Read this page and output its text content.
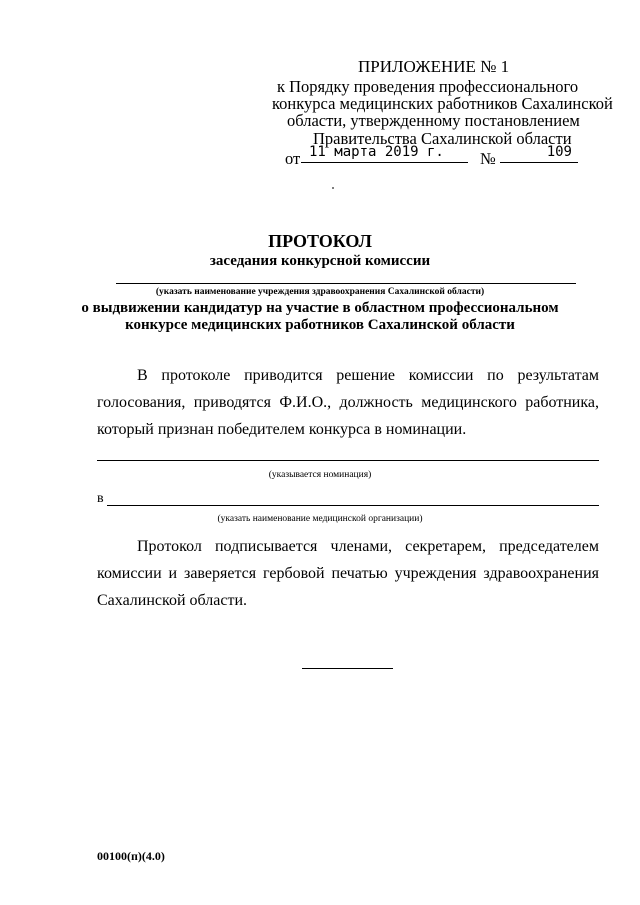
ПРИЛОЖЕНИЕ № 1
к Порядку проведения профессионального
конкурса медицинских работников Сахалинской
области, утвержденному постановлением
Правительства Сахалинской области
от 11 марта 2019 г.	№	109
ПРОТОКОЛ
заседания конкурсной комиссии
(указать наименование учреждения здравоохранения Сахалинской области)
о выдвижении кандидатур на участие в областном профессиональном
конкурсе медицинских работников Сахалинской области
В протоколе приводится решение комиссии по результатам голосования, приводятся Ф.И.О., должность медицинского работника, который признан победителем конкурса в номинации.
(указывается номинация)
в
(указать наименование медицинской организации)
Протокол подписывается членами, секретарем, председателем комиссии и заверяется гербовой печатью учреждения здравоохранения Сахалинской области.
00100(п)(4.0)
